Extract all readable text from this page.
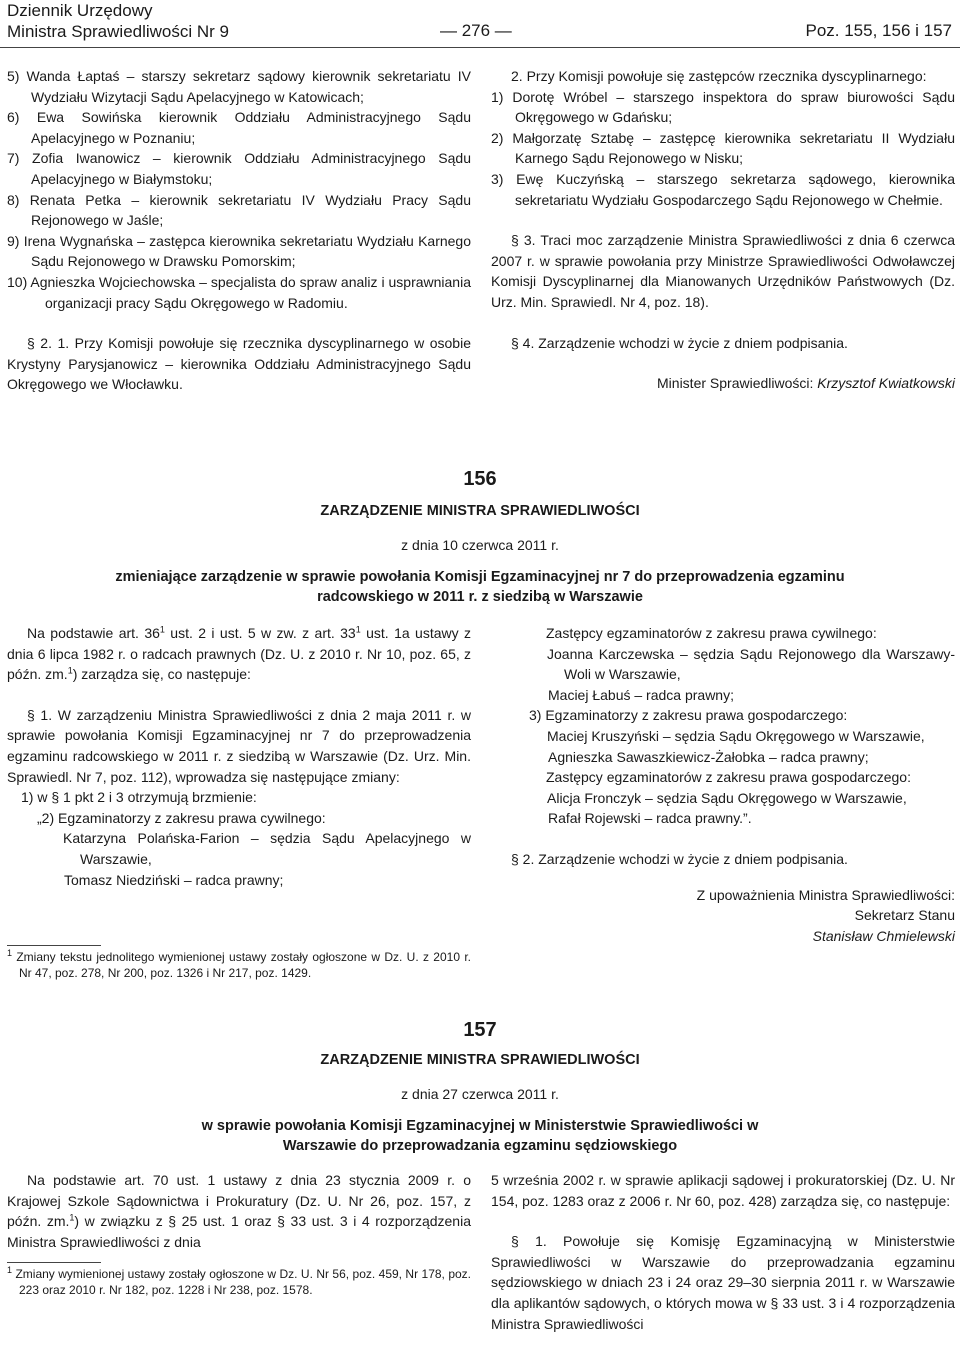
Dziennik Urzędowy
Ministra Sprawiedliwości Nr 9	— 276 —	Poz. 155, 156 i 157

5) Wanda Łaptaś – starszy sekretarz sądowy kierownik sekretariatu IV Wydziału Wizytacji Sądu Apelacyjnego w Katowicach;

6) Ewa Sowińska kierownik Oddziału Administracyjnego Sądu Apelacyjnego w Poznaniu;

7) Zofia Iwanowicz – kierownik Oddziału Administracyjnego Sądu Apelacyjnego w Białymstoku;

8) Renata Petka – kierownik sekretariatu IV Wydziału Pracy Sądu Rejonowego w Jaśle;

9) Irena Wygnańska – zastępca kierownika sekretariatu Wydziału Karnego Sądu Rejonowego w Drawsku Pomorskim;

10) Agnieszka Wojciechowska – specjalista do spraw analiz i usprawniania organizacji pracy Sądu Okręgowego w Radomiu.

§ 2. 1. Przy Komisji powołuje się rzecznika dyscyplinarnego w osobie Krystyny Parysjanowicz – kierownika Oddziału Administracyjnego Sądu Okręgowego we Włocławku.

2. Przy Komisji powołuje się zastępców rzecznika dyscyplinarnego:

1) Dorotę Wróbel – starszego inspektora do spraw biurowości Sądu Okręgowego w Gdańsku;

2) Małgorzatę Sztabę – zastępcę kierownika sekretariatu II Wydziału Karnego Sądu Rejonowego w Nisku;

3) Ewę Kuczyńską – starszego sekretarza sądowego, kierownika sekretariatu Wydziału Gospodarczego Sądu Rejonowego w Chełmie.

§ 3. Traci moc zarządzenie Ministra Sprawiedliwości z dnia 6 czerwca 2007 r. w sprawie powołania przy Ministrze Sprawiedliwości Odwoławczej Komisji Dyscyplinarnej dla Mianowanych Urzędników Państwowych (Dz. Urz. Min. Sprawiedl. Nr 4, poz. 18).

§ 4. Zarządzenie wchodzi w życie z dniem podpisania.

Minister Sprawiedliwości: Krzysztof Kwiatkowski

156
ZARZĄDZENIE MINISTRA SPRAWIEDLIWOŚCI
z dnia 10 czerwca 2011 r.
zmieniające zarządzenie w sprawie powołania Komisji Egzaminacyjnej nr 7 do przeprowadzenia egzaminu radcowskiego w 2011 r. z siedzibą w Warszawie

Na podstawie art. $36^1$ ust. 2 i ust. 5 w zw. z art. $33^1$ ust. 1a ustawy z dnia 6 lipca 1982 r. o radcach prawnych (Dz. U. z 2010 r. Nr 10, poz. 65, z późn. zm.$^1$) zarządza się, co następuje:

§ 1. W zarządzeniu Ministra Sprawiedliwości z dnia 2 maja 2011 r. w sprawie powołania Komisji Egzaminacyjnej nr 7 do przeprowadzenia egzaminu radcowskiego w 2011 r. z siedzibą w Warszawie (Dz. Urz. Min. Sprawiedl. Nr 7, poz. 112), wprowadza się następujące zmiany:

1) w § 1 pkt 2 i 3 otrzymują brzmienie:

„2) Egzaminatorzy z zakresu prawa cywilnego:

Katarzyna Polańska-Farion – sędzia Sądu Apelacyjnego w Warszawie,

Tomasz Niedziński – radca prawny;

Zastępcy egzaminatorów z zakresu prawa cywilnego:

Joanna Karczewska – sędzia Sądu Rejonowego dla Warszawy-Woli w Warszawie,

Maciej Łabuś – radca prawny;

3) Egzaminatorzy z zakresu prawa gospodarczego:

Maciej Kruszyński – sędzia Sądu Okręgowego w Warszawie,

Agnieszka Sawaszkiewicz-Żałobka – radca prawny;

Zastępcy egzaminatorów z zakresu prawa gospodarczego:

Alicja Fronczyk – sędzia Sądu Okręgowego w Warszawie,

Rafał Rojewski – radca prawny.”.

§ 2. Zarządzenie wchodzi w życie z dniem podpisania.

Z upoważnienia Ministra Sprawiedliwości:

Sekretarz Stanu

Stanisław Chmielewski

$^1$ Zmiany tekstu jednolitego wymienionej ustawy zostały ogłoszone w Dz. U. z 2010 r. Nr 47, poz. 278, Nr 200, poz. 1326 i Nr 217, poz. 1429.
157
ZARZĄDZENIE MINISTRA SPRAWIEDLIWOŚCI
z dnia 27 czerwca 2011 r.
w sprawie powołania Komisji Egzaminacyjnej w Ministerstwie Sprawiedliwości w Warszawie do przeprowadzania egzaminu sędziowskiego

Na podstawie art. 70 ust. 1 ustawy z dnia 23 stycznia 2009 r. o Krajowej Szkole Sądownictwa i Prokuratury (Dz. U. Nr 26, poz. 157, z późn. zm.$^1$) w związku z § 25 ust. 1 oraz § 33 ust. 3 i 4 rozporządzenia Ministra Sprawiedliwości z dnia

5 września 2002 r. w sprawie aplikacji sądowej i prokuratorskiej (Dz. U. Nr 154, poz. 1283 oraz z 2006 r. Nr 60, poz. 428) zarządza się, co następuje:

§ 1. Powołuje się Komisję Egzaminacyjną w Ministerstwie Sprawiedliwości w Warszawie do przeprowadzania egzaminu sędziowskiego w dniach 23 i 24 oraz 29–30 sierpnia 2011 r. w Warszawie dla aplikantów sądowych, o których mowa w § 33 ust. 3 i 4 rozporządzenia Ministra Sprawiedliwości

$^1$ Zmiany wymienionej ustawy zostały ogłoszone w Dz. U. Nr 56, poz. 459, Nr 178, poz. 223 oraz 2010 r. Nr 182, poz. 1228 i Nr 238, poz. 1578.
